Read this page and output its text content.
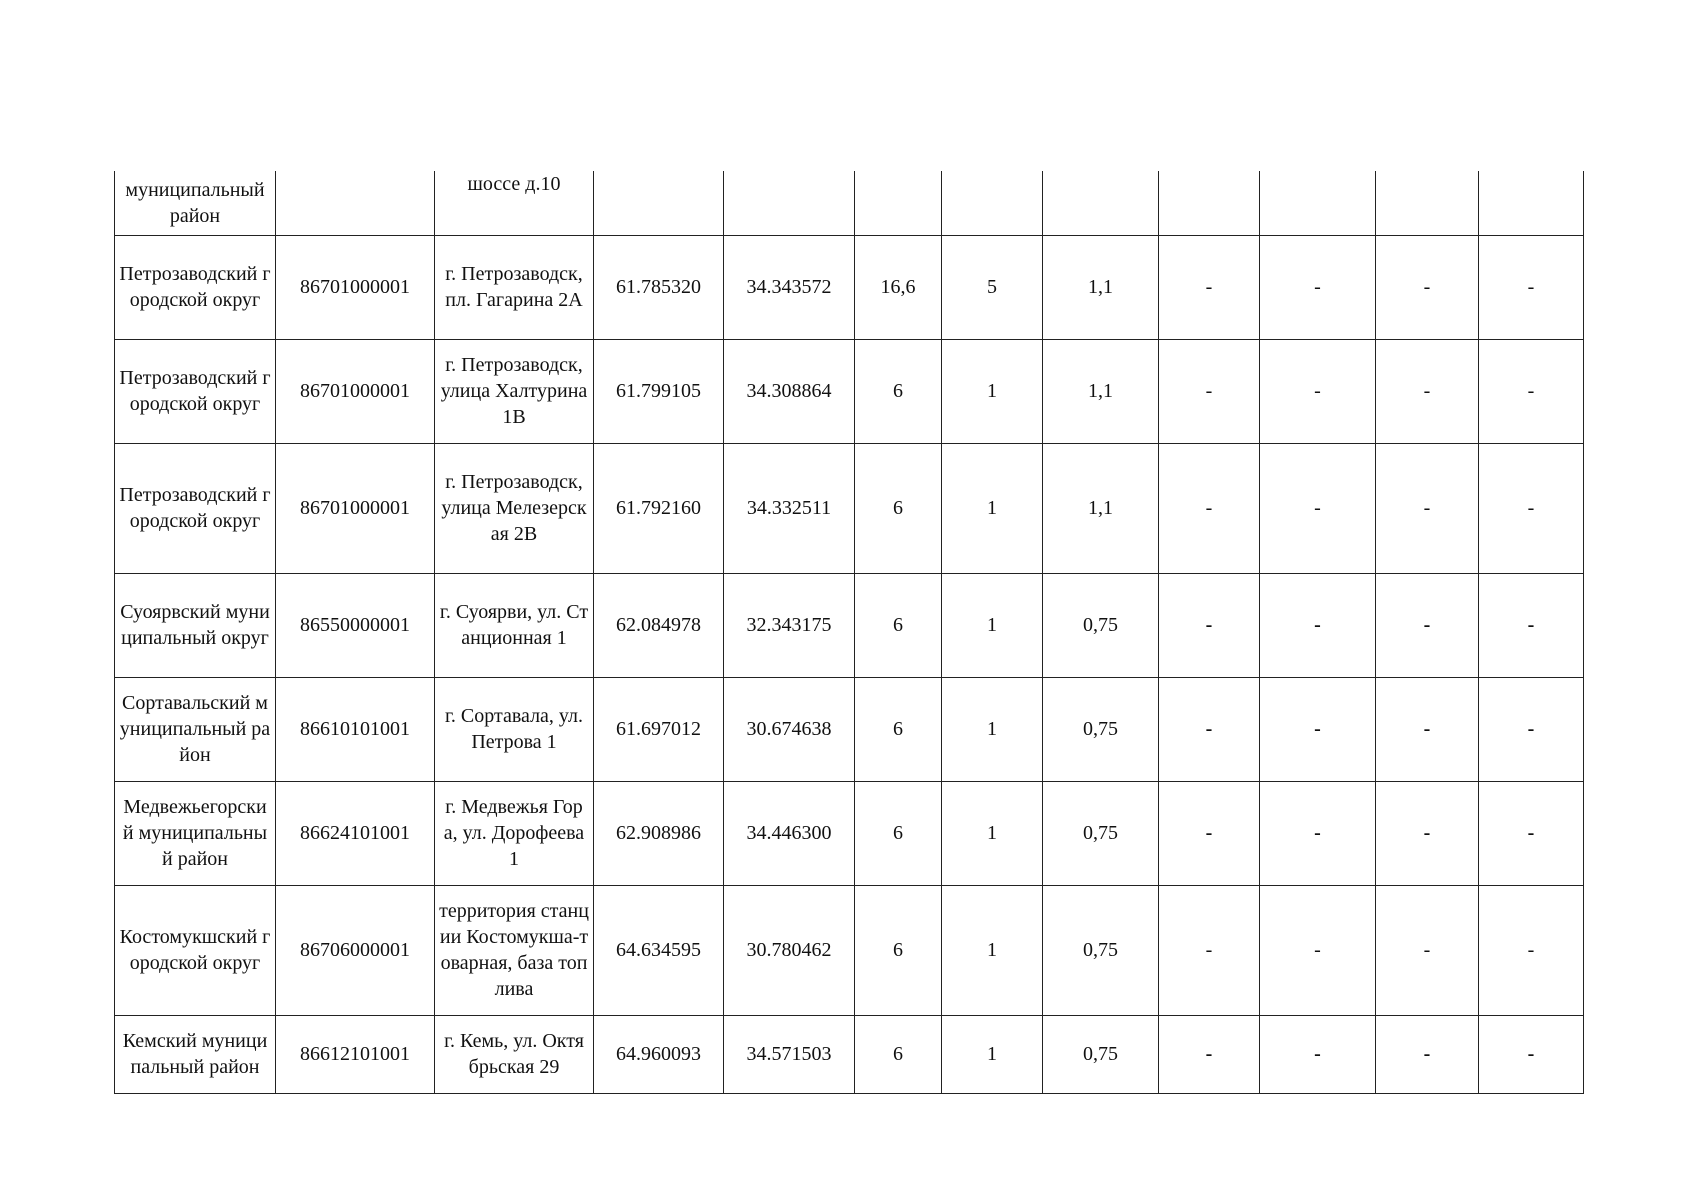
муниципальный район		шоссе д.10									
Петрозаводский городской округ	86701000001	г. Петрозаводск, пл. Гагарина 2А	61.785320	34.343572	16,6	5	1,1	-	-	-	-
Петрозаводский городской округ	86701000001	г. Петрозаводск, улица Халтурина 1В	61.799105	34.308864	6	1	1,1	-	-	-	-
Петрозаводский городской округ	86701000001	г. Петрозаводск, улица Мелезерская 2В	61.792160	34.332511	6	1	1,1	-	-	-	-
Суоярвский муниципальный округ	86550000001	г. Суоярви, ул. Станционная 1	62.084978	32.343175	6	1	0,75	-	-	-	-
Сортавальский муниципальный район	86610101001	г. Сортавала, ул. Петрова 1	61.697012	30.674638	6	1	0,75	-	-	-	-
Медвежьегорский муниципальный район	86624101001	г. Медвежья Гора, ул. Дорофеева 1	62.908986	34.446300	6	1	0,75	-	-	-	-
Костомукшский городской округ	86706000001	территория станции Костомукша-товарная, база топлива	64.634595	30.780462	6	1	0,75	-	-	-	-
Кемский муниципальный район	86612101001	г. Кемь, ул. Октябрьская 29	64.960093	34.571503	6	1	0,75	-	-	-	-
